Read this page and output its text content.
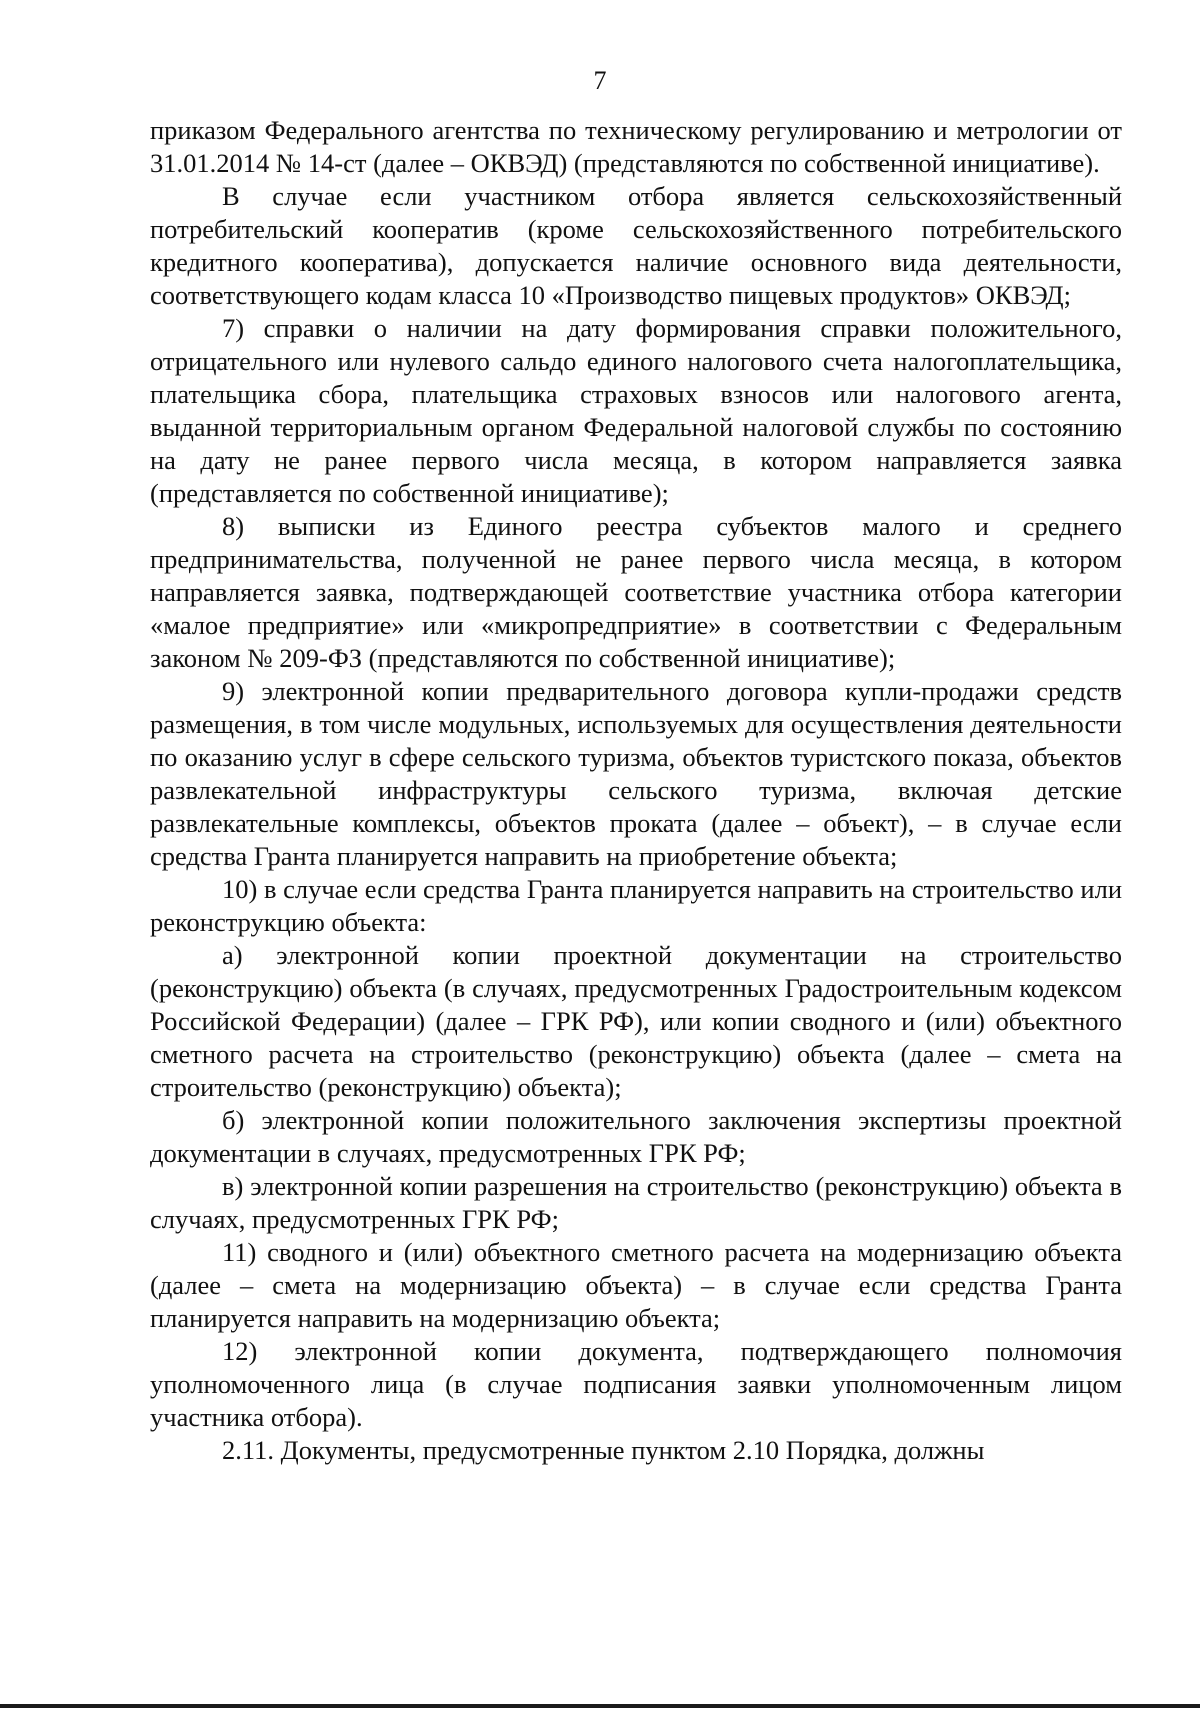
7

приказом Федерального агентства по техническому регулированию и метрологии от 31.01.2014 № 14-ст (далее – ОКВЭД) (представляются по собственной инициативе).

В случае если участником отбора является сельскохозяйственный потребительский кооператив (кроме сельскохозяйственного потребительского кредитного кооператива), допускается наличие основного вида деятельности, соответствующего кодам класса 10 «Производство пищевых продуктов» ОКВЭД;

7) справки о наличии на дату формирования справки положительного, отрицательного или нулевого сальдо единого налогового счета налогоплательщика, плательщика сбора, плательщика страховых взносов или налогового агента, выданной территориальным органом Федеральной налоговой службы по состоянию на дату не ранее первого числа месяца, в котором направляется заявка (представляется по собственной инициативе);

8) выписки из Единого реестра субъектов малого и среднего предпринимательства, полученной не ранее первого числа месяца, в котором направляется заявка, подтверждающей соответствие участника отбора категории «малое предприятие» или «микропредприятие» в соответствии с Федеральным законом № 209-ФЗ (представляются по собственной инициативе);

9) электронной копии предварительного договора купли-продажи средств размещения, в том числе модульных, используемых для осуществления деятельности по оказанию услуг в сфере сельского туризма, объектов туристского показа, объектов развлекательной инфраструктуры сельского туризма, включая детские развлекательные комплексы, объектов проката (далее – объект), – в случае если средства Гранта планируется направить на приобретение объекта;

10) в случае если средства Гранта планируется направить на строительство или реконструкцию объекта:

а) электронной копии проектной документации на строительство (реконструкцию) объекта (в случаях, предусмотренных Градостроительным кодексом Российской Федерации) (далее – ГРК РФ), или копии сводного и (или) объектного сметного расчета на строительство (реконструкцию) объекта (далее – смета на строительство (реконструкцию) объекта);

б) электронной копии положительного заключения экспертизы проектной документации в случаях, предусмотренных ГРК РФ;

в) электронной копии разрешения на строительство (реконструкцию) объекта в случаях, предусмотренных ГРК РФ;

11) сводного и (или) объектного сметного расчета на модернизацию объекта (далее – смета на модернизацию объекта) – в случае если средства Гранта планируется направить на модернизацию объекта;

12) электронной копии документа, подтверждающего полномочия уполномоченного лица (в случае подписания заявки уполномоченным лицом участника отбора).

2.11. Документы, предусмотренные пунктом 2.10 Порядка, должны
